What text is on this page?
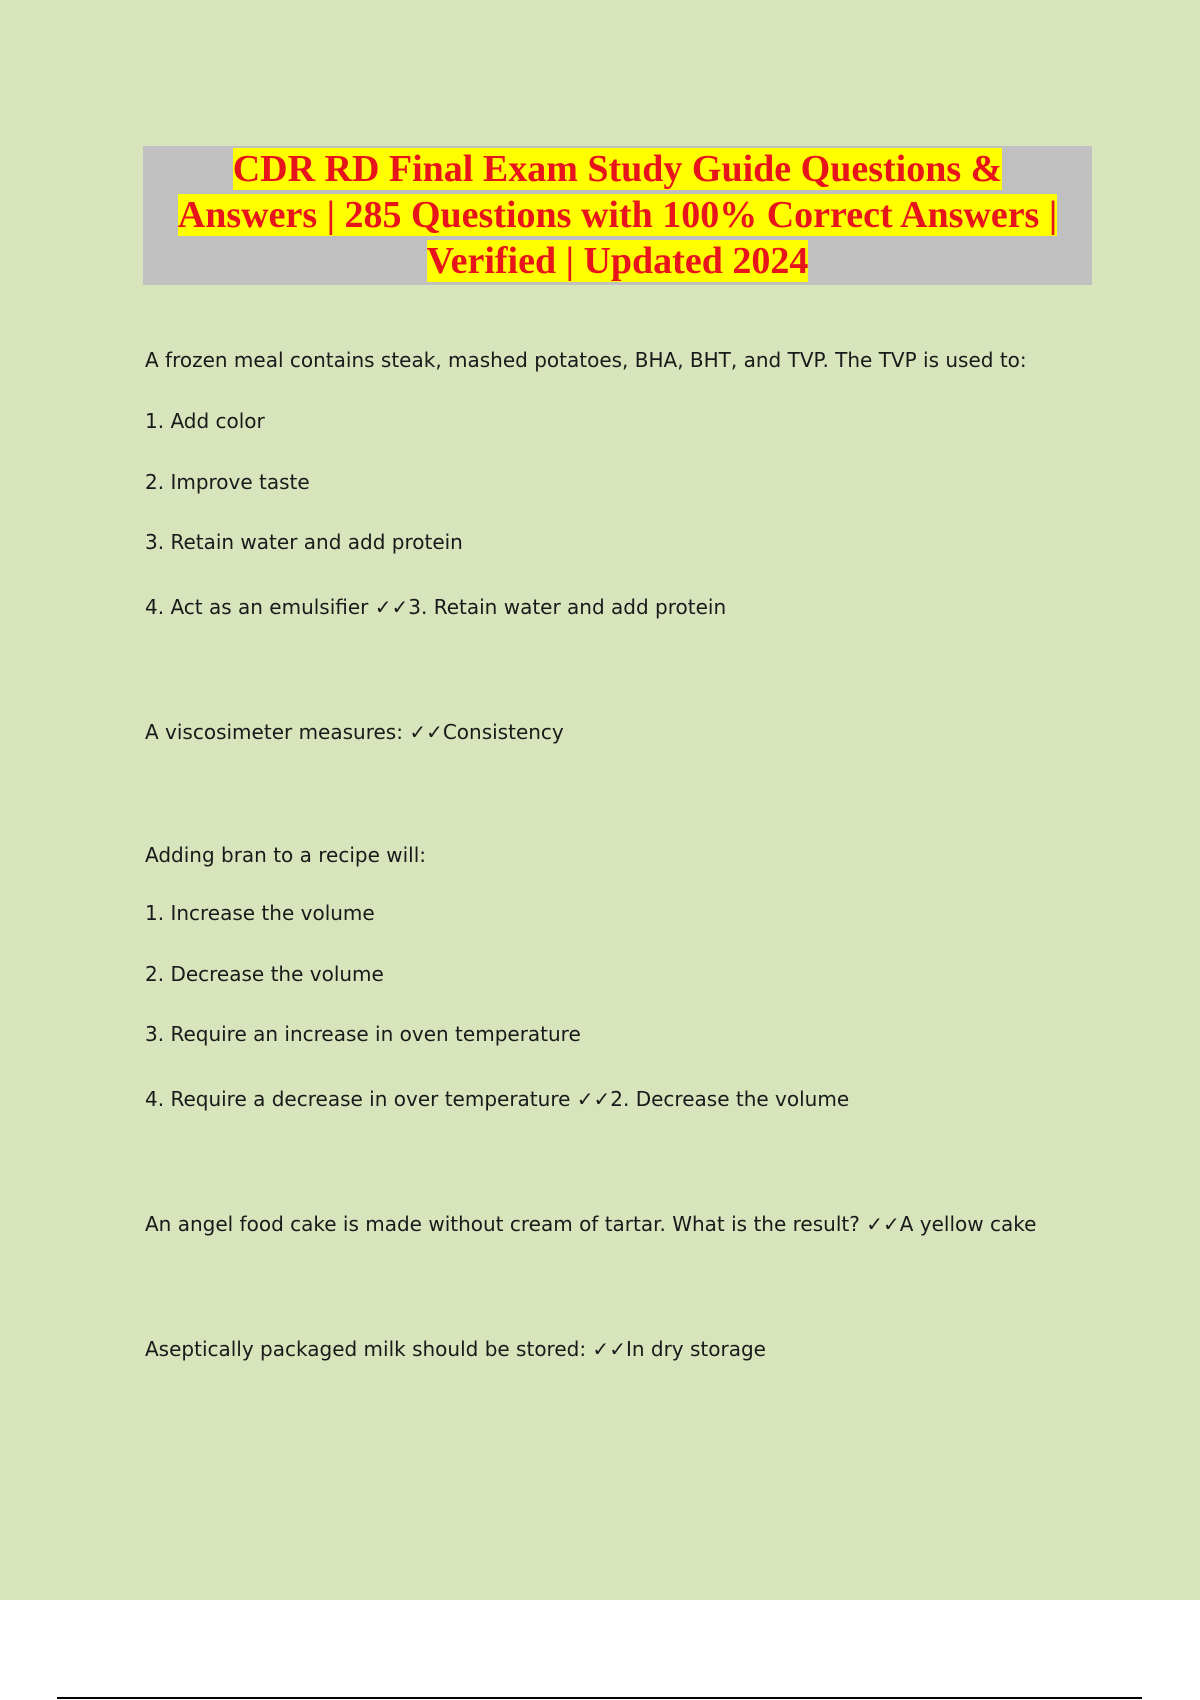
CDR RD Final Exam Study Guide Questions &
Answers | 285 Questions with 100% Correct Answers |
Verified | Updated 2024
A frozen meal contains steak, mashed potatoes, BHA, BHT, and TVP. The TVP is used to:
1. Add color
2. Improve taste
3. Retain water and add protein
4. Act as an emulsifier ✓✓3. Retain water and add protein
A viscosimeter measures: ✓✓Consistency
Adding bran to a recipe will:
1. Increase the volume
2. Decrease the volume
3. Require an increase in oven temperature
4. Require a decrease in over temperature ✓✓2. Decrease the volume
An angel food cake is made without cream of tartar. What is the result? ✓✓A yellow cake
Aseptically packaged milk should be stored: ✓✓In dry storage
